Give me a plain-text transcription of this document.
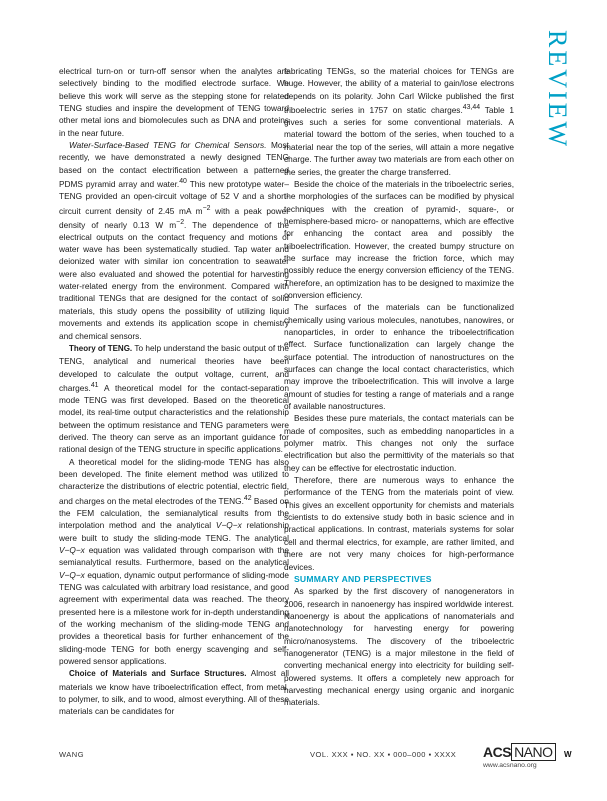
REVIEW

electrical turn-on or turn-off sensor when the analytes are selectively binding to the modified electrode surface. We believe this work will serve as the stepping stone for related TENG studies and inspire the development of TENG toward other metal ions and biomolecules such as DNA and proteins in the near future.

Water-Surface-Based TENG for Chemical Sensors. Most recently, we have demonstrated a newly designed TENG based on the contact electrification between a patterned PDMS pyramid array and water.$^{40}$ This new prototype water–TENG provided an open-circuit voltage of 52 V and a short-circuit current density of 2.45 mA $m^{-2}$ with a peak power density of nearly 0.13 W $m^{-2}$. The dependence of the electrical outputs on the contact frequency and motions of water wave has been systematically studied. Tap water and deionized water with similar ion concentration to seawater were also evaluated and showed the potential for harvesting water-related energy from the environment. Compared with traditional TENGs that are designed for the contact of solid materials, this study opens the possibility of utilizing liquid movements and extends its application scope in chemistry and chemical sensors.

Theory of TENG. To help understand the basic output of the TENG, analytical and numerical theories have been developed to calculate the output voltage, current, and charges.$^{41}$ A theoretical model for the contact-separation mode TENG was first developed. Based on the theoretical model, its real-time output characteristics and the relationship between the optimum resistance and TENG parameters were derived. The theory can serve as an important guidance for rational design of the TENG structure in specific applications.

A theoretical model for the sliding-mode TENG has also been developed. The finite element method was utilized to characterize the distributions of electric potential, electric field, and charges on the metal electrodes of the TENG.$^{42}$ Based on the FEM calculation, the semianalytical results from the interpolation method and the analytical V−Q−x relationship were built to study the sliding-mode TENG. The analytical V−Q−x equation was validated through comparison with the semianalytical results. Furthermore, based on the analytical V−Q−x equation, dynamic output performance of sliding-mode TENG was calculated with arbitrary load resistance, and good agreement with experimental data was reached. The theory presented here is a milestone work for in-depth understanding of the working mechanism of the sliding-mode TENG and provides a theoretical basis for further enhancement of the sliding-mode TENG for both energy scavenging and self-powered sensor applications.

Choice of Materials and Surface Structures. Almost all materials we know have triboelectrification effect, from metal, to polymer, to silk, and to wood, almost everything. All of these materials can be candidates for

fabricating TENGs, so the material choices for TENGs are huge. However, the ability of a material to gain/lose electrons depends on its polarity. John Carl Wilcke published the first triboelectric series in 1757 on static charges.$^{43,44}$ Table 1 gives such a series for some conventional materials. A material toward the bottom of the series, when touched to a material near the top of the series, will attain a more negative charge. The further away two materials are from each other on the series, the greater the charge transferred.

Beside the choice of the materials in the triboelectric series, the morphologies of the surfaces can be modified by physical techniques with the creation of pyramid-, square-, or hemisphere-based micro- or nanopatterns, which are effective for enhancing the contact area and possibly the triboelectrification. However, the created bumpy structure on the surface may increase the friction force, which may possibly reduce the energy conversion efficiency of the TENG. Therefore, an optimization has to be designed to maximize the conversion efficiency.

The surfaces of the materials can be functionalized chemically using various molecules, nanotubes, nanowires, or nanoparticles, in order to enhance the triboelectrification effect. Surface functionalization can largely change the surface potential. The introduction of nanostructures on the surfaces can change the local contact characteristics, which may improve the triboelectrification. This will involve a large amount of studies for testing a range of materials and a range of available nanostructures.

Besides these pure materials, the contact materials can be made of composites, such as embedding nanoparticles in a polymer matrix. This changes not only the surface electrification but also the permittivity of the materials so that they can be effective for electrostatic induction.

Therefore, there are numerous ways to enhance the performance of the TENG from the materials point of view. This gives an excellent opportunity for chemists and materials scientists to do extensive study both in basic science and in practical applications. In contrast, materials systems for solar cell and thermal electrics, for example, are rather limited, and there are not very many choices for high-performance devices.

SUMMARY AND PERSPECTIVES

As sparked by the first discovery of nanogenerators in 2006, research in nanoenergy has inspired worldwide interest. Nanoenergy is about the applications of nanomaterials and nanotechnology for harvesting energy for powering micro/nanosystems. The discovery of the triboelectric nanogenerator (TENG) is a major milestone in the field of converting mechanical energy into electricity for building self-powered systems. It offers a completely new approach for harvesting mechanical energy using organic and inorganic materials.

WANG	VOL. XXX ▪ NO. XX ▪ 000–000 ▪ XXXX ACS NANO	W
www.acsnano.org
